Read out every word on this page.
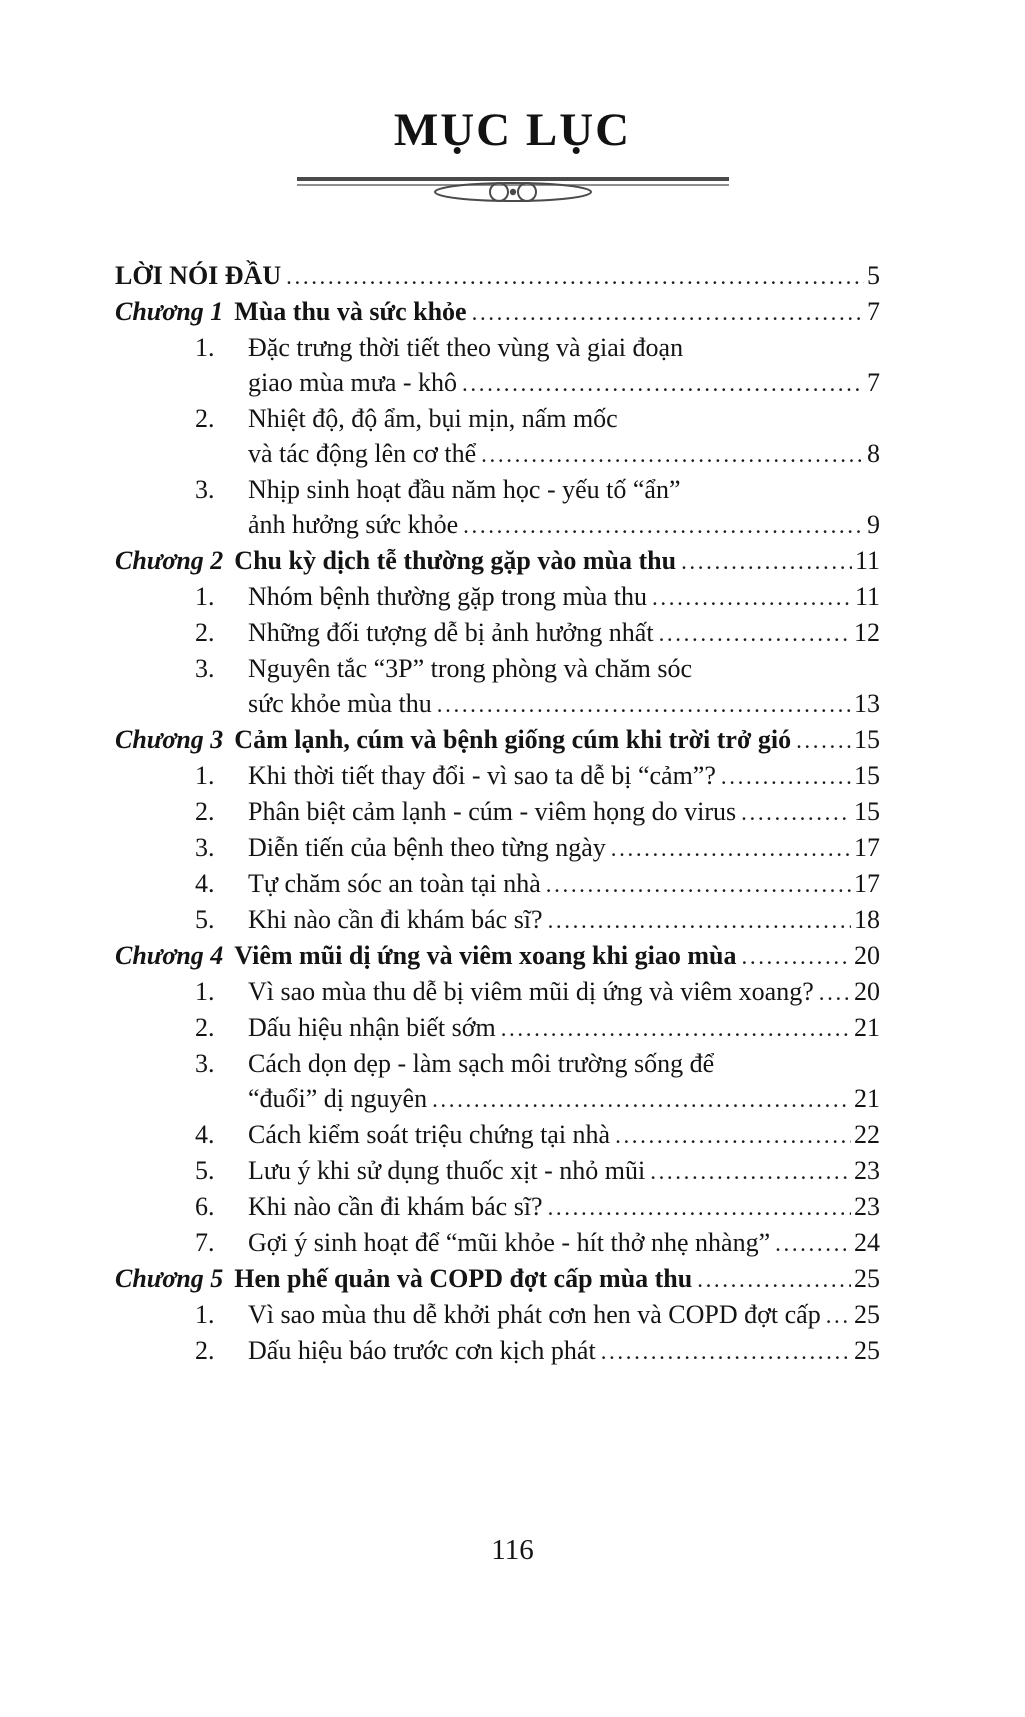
MỤC LỤC
LỜI NÓI ĐẦU .....	5
Chương 1 Mùa thu và sức khỏe .....	7
1.	Đặc trưng thời tiết theo vùng và giai đoạn
giao mùa mưa - khô .....	7
2.	Nhiệt độ, độ ẩm, bụi mịn, nấm mốc
và tác động lên cơ thể .....	8
3.	Nhịp sinh hoạt đầu năm học - yếu tố “ẩn”
ảnh hưởng sức khỏe .....	9
Chương 2 Chu kỳ dịch tễ thường gặp vào mùa thu .....	11
1.	Nhóm bệnh thường gặp trong mùa thu .....	11
2.	Những đối tượng dễ bị ảnh hưởng nhất .....	12
3.	Nguyên tắc “3P” trong phòng và chăm sóc
sức khỏe mùa thu .....	13
Chương 3 Cảm lạnh, cúm và bệnh giống cúm khi trời trở gió ..... 15
1.	Khi thời tiết thay đổi - vì sao ta dễ bị “cảm”? .....	15
2.	Phân biệt cảm lạnh - cúm - viêm họng do virus .....	15
3.	Diễn tiến của bệnh theo từng ngày .....	17
4.	Tự chăm sóc an toàn tại nhà .....	17
5.	Khi nào cần đi khám bác sĩ? .....	18
Chương 4 Viêm mũi dị ứng và viêm xoang khi giao mùa .....	20
1.	Vì sao mùa thu dễ bị viêm mũi dị ứng và viêm xoang? ..... 20
2.	Dấu hiệu nhận biết sớm .....	21
3.	Cách dọn dẹp - làm sạch môi trường sống để
“đuổi” dị nguyên .....	21
4.	Cách kiểm soát triệu chứng tại nhà .....	22
5.	Lưu ý khi sử dụng thuốc xịt - nhỏ mũi .....	23
6.	Khi nào cần đi khám bác sĩ? .....	23
7.	Gợi ý sinh hoạt để “mũi khỏe - hít thở nhẹ nhàng” .....	24
Chương 5 Hen phế quản và COPD đợt cấp mùa thu .....	25
1.	Vì sao mùa thu dễ khởi phát cơn hen và COPD đợt cấp ..... 25
2.	Dấu hiệu báo trước cơn kịch phát .....	25
116
